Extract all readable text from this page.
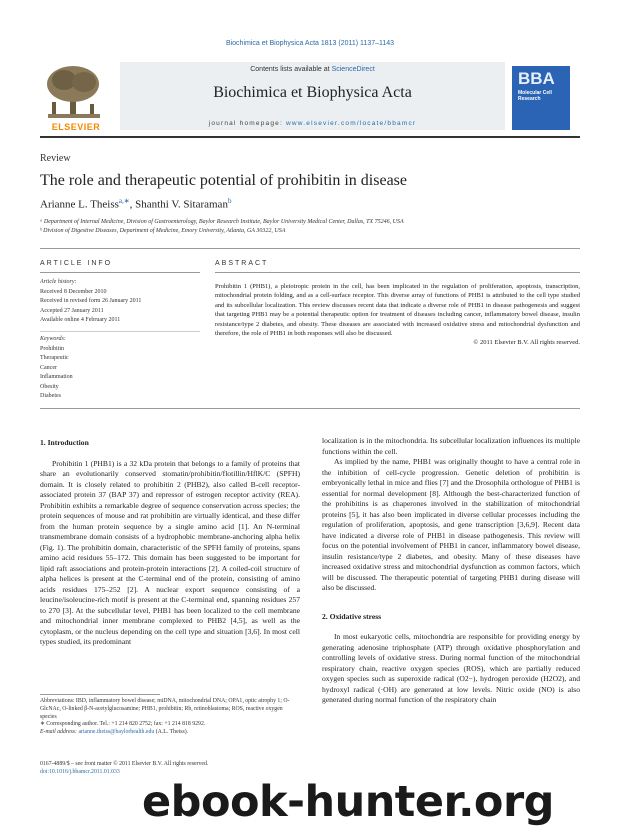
Biochimica et Biophysica Acta 1813 (2011) 1137–1143
ELSEVIER
Contents lists available at ScienceDirect
Biochimica et Biophysica Acta
journal homepage: www.elsevier.com/locate/bbamcr
BBA
Molecular Cell Research
Review
The role and therapeutic potential of prohibitin in disease
Arianne L. Theiss$^{a,∗}$, Shanthi V. Sitaraman$^b$
ᵃ Department of Internal Medicine, Division of Gastroenterology, Baylor Research Institute, Baylor University Medical Center, Dallas, TX 75246, USA
ᵇ Division of Digestive Diseases, Department of Medicine, Emory University, Atlanta, GA 30322, USA
ARTICLE INFO	ABSTRACT
Article history:
Received 8 December 2010
Received in revised form 26 January 2011
Accepted 27 January 2011
Available online 4 February 2011
Keywords:
Prohibitin
Therapeutic
Cancer
Inflammation
Obesity
Diabetes
Prohibitin 1 (PHB1), a pleiotropic protein in the cell, has been implicated in the regulation of proliferation, apoptosis, transcription, mitochondrial protein folding, and as a cell-surface receptor. This diverse array of functions of PHB1 is attributed to the cell type studied and its subcellular localization. This review discusses recent data that indicate a diverse role of PHB1 in disease pathogenesis and suggest that targeting PHB1 may be a potential therapeutic option for treatment of diseases including cancer, inflammatory bowel disease, insulin resistance/type 2 diabetes, and obesity. These diseases are associated with increased oxidative stress and mitochondrial dysfunction and therefore, the role of PHB1 in both responses will also be discussed.
© 2011 Elsevier B.V. All rights reserved.
1. Introduction

Prohibitin 1 (PHB1) is a 32 kDa protein that belongs to a family of proteins that share an evolutionarily conserved stomatin/prohibitin/flotillin/HflK/C (SPFH) domain. It is closely related to prohibitin 2 (PHB2), also called B-cell receptor-associated protein 37 (BAP 37) and repressor of estrogen receptor activity (REA). Prohibitin exhibits a remarkable degree of sequence conservation across species; the protein sequences of mouse and rat prohibitin are virtually identical, and these differ from the human protein sequence by a single amino acid [1]. An N-terminal transmembrane domain consists of a hydrophobic membrane-anchoring alpha helix (Fig. 1). The prohibitin domain, characteristic of the SPFH family of proteins, spans amino acid residues 55–172. This domain has been suggested to be important for lipid raft associations and protein-protein interactions [2]. A coiled-coil structure of alpha helices is present at the C-terminal end of the protein, consisting of amino acids residues 175–252 [2]. A nuclear export sequence consisting of a leucine/isoleucine-rich motif is present at the C-terminal end, spanning residues 257 to 270 [3]. At the subcellular level, PHB1 has been localized to the cell membrane and mitochondrial inner membrane complexed to PHB2 [4,5], as well as the cytoplasm, or the nucleus depending on the cell type and situation [3,6]. In most cell types studied, its predominant

localization is in the mitochondria. Its subcellular localization influences its multiple functions within the cell.

As implied by the name, PHB1 was originally thought to have a central role in the inhibition of cell-cycle progression. Genetic deletion of prohibitin is embryonically lethal in mice and flies [7] and the Drosophila orthologue of PHB1 is essential for normal development [8]. Although the best-characterized function of the prohibitins is as chaperones involved in the stabilization of mitochondrial proteins [5], it has also been implicated in diverse cellular processes including the regulation of proliferation, apoptosis, and gene transcription [3,6,9]. Recent data have indicated a diverse role of PHB1 in disease pathogenesis. This review will focus on the potential involvement of PHB1 in cancer, inflammatory bowel disease, insulin resistance/type 2 diabetes, and obesity. Many of these diseases have increased oxidative stress and mitochondrial dysfunction as common factors, which will be discussed. The therapeutic potential of targeting PHB1 during disease will also be discussed.

2. Oxidative stress

In most eukaryotic cells, mitochondria are responsible for providing energy by generating adenosine triphosphate (ATP) through oxidative phosphorylation and controlling levels of oxidative stress. During normal function of the mitochondrial respiratory chain, reactive oxygen species (ROS), which are partially reduced oxygen species such as superoxide radical (O2−), hydrogen peroxide (H2O2), and hydroxyl radical (·OH) are generated at low levels. Nitric oxide (NO) is also generated during normal function of the respiratory chain

Abbreviations: IBD, inflammatory bowel disease; mtDNA, mitochondrial DNA; OPA1, optic atrophy 1; O-GlcNAc, O-linked β-N-acetylglucosamine; PHB1, prohibitin; Rb, retinoblastoma; ROS, reactive oxygen species
∗ Corresponding author. Tel.: +1 214 820 2752; fax: +1 214 818 9292.
E-mail address: arianne.theiss@baylorhealth.edu (A.L. Theiss).
0167-4889/$ – see front matter © 2011 Elsevier B.V. All rights reserved.
doi:10.1016/j.bbamcr.2011.01.033
ebook-hunter.org
